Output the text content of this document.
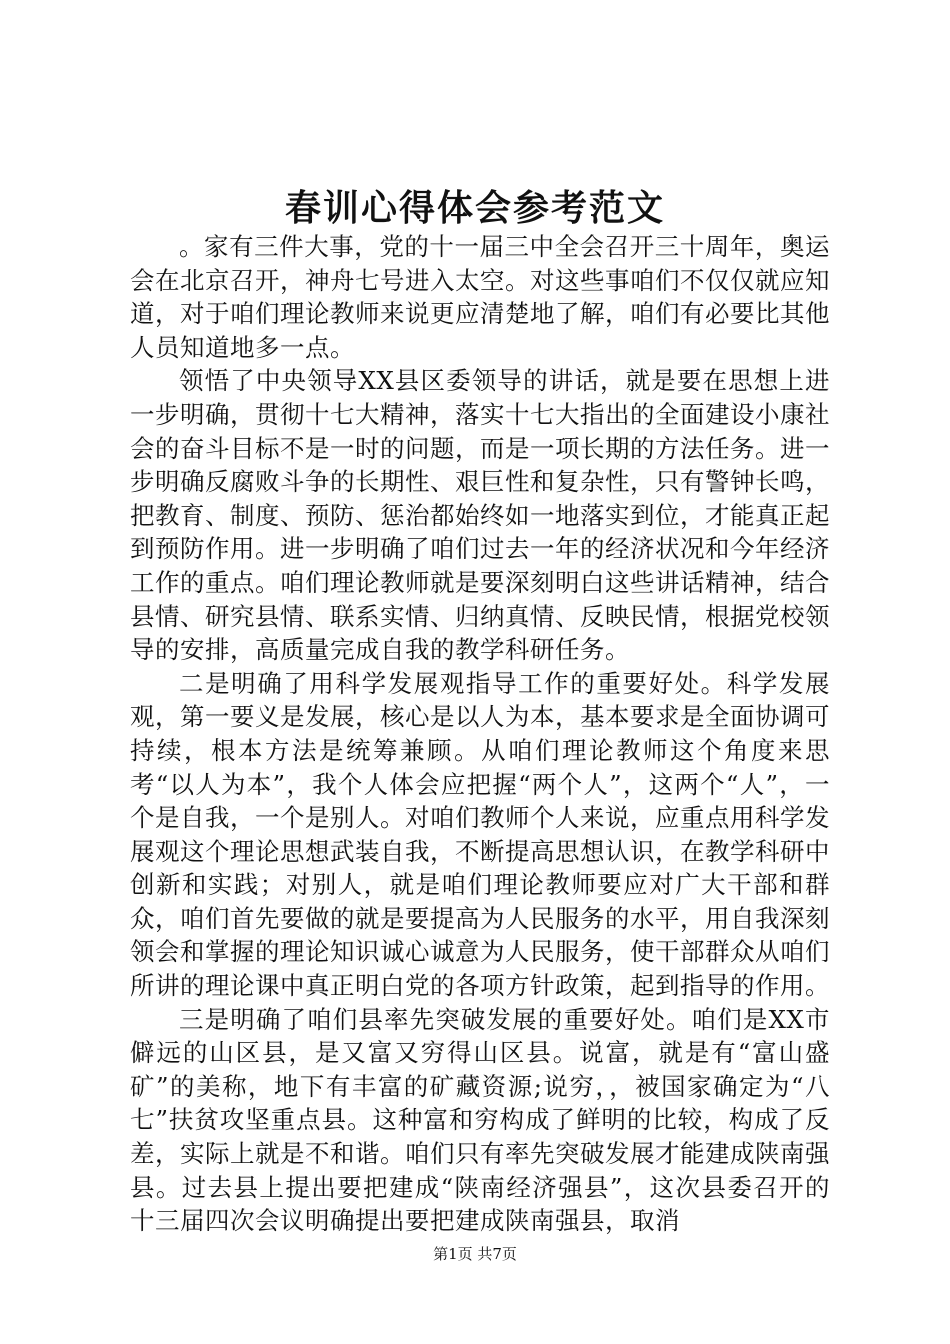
春训心得体会参考范文

。家有三件大事，党的十一届三中全会召开三十周年，奥运会在北京召开，神舟七号进入太空。对这些事咱们不仅仅就应知道，对于咱们理论教师来说更应清楚地了解，咱们有必要比其他人员知道地多一点。

领悟了中央领导XX县区委领导的讲话，就是要在思想上进一步明确，贯彻十七大精神，落实十七大指出的全面建设小康社会的奋斗目标不是一时的问题，而是一项长期的方法任务。进一步明确反腐败斗争的长期性、艰巨性和复杂性，只有警钟长鸣，把教育、制度、预防、惩治都始终如一地落实到位，才能真正起到预防作用。进一步明确了咱们过去一年的经济状况和今年经济工作的重点。咱们理论教师就是要深刻明白这些讲话精神，结合县情、研究县情、联系实情、归纳真情、反映民情，根据党校领导的安排，高质量完成自我的教学科研任务。

二是明确了用科学发展观指导工作的重要好处。科学发展观，第一要义是发展，核心是以人为本，基本要求是全面协调可持续，根本方法是统筹兼顾。从咱们理论教师这个角度来思考“以人为本”，我个人体会应把握“两个人”，这两个“人”，一个是自我，一个是别人。对咱们教师个人来说，应重点用科学发展观这个理论思想武装自我，不断提高思想认识，在教学科研中创新和实践；对别人，就是咱们理论教师要应对广大干部和群众，咱们首先要做的就是要提高为人民服务的水平，用自我深刻领会和掌握的理论知识诚心诚意为人民服务，使干部群众从咱们所讲的理论课中真正明白党的各项方针政策，起到指导的作用。

三是明确了咱们县率先突破发展的重要好处。咱们是XX市僻远的山区县，是又富又穷得山区县。说富，就是有“富山盛矿”的美称，地下有丰富的矿藏资源;说穷，，被国家确定为“八七”扶贫攻坚重点县。这种富和穷构成了鲜明的比较，构成了反差，实际上就是不和谐。咱们只有率先突破发展才能建成陕南强县。过去县上提出要把建成“陕南经济强县”，这次县委召开的十三届四次会议明确提出要把建成陕南强县，取消

第1页 共7页
